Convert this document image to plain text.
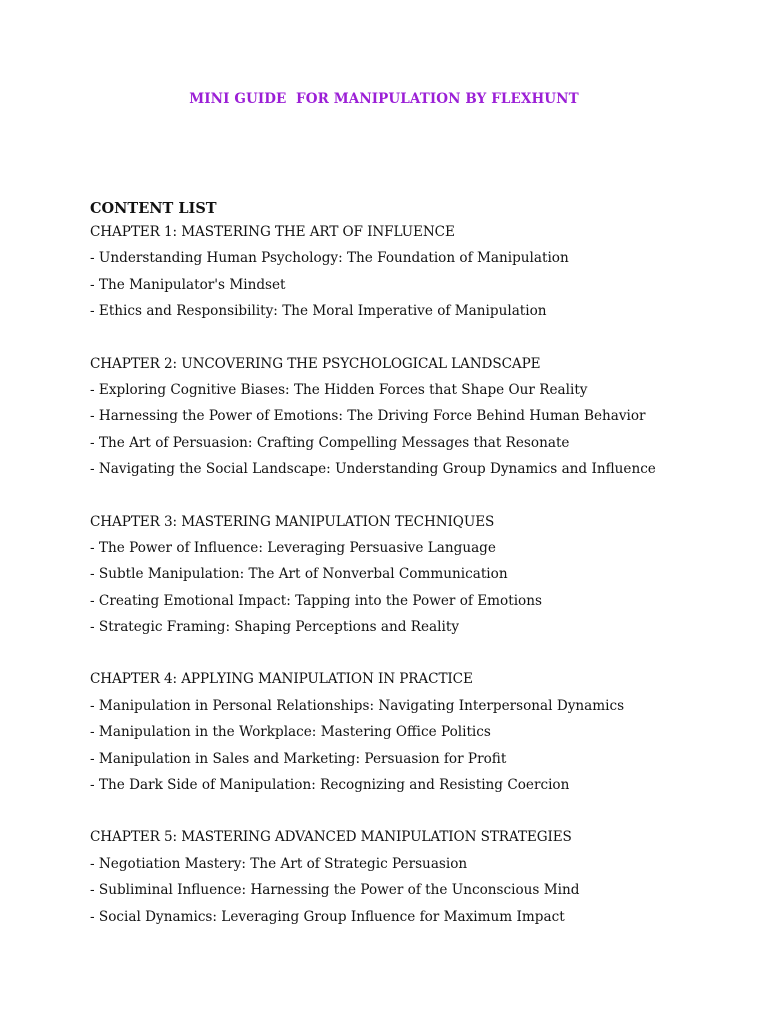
MINI GUIDE  FOR MANIPULATION BY FLEXHUNT
CONTENT LIST
CHAPTER 1: MASTERING THE ART OF INFLUENCE
- Understanding Human Psychology: The Foundation of Manipulation
- The Manipulator's Mindset
- Ethics and Responsibility: The Moral Imperative of Manipulation
CHAPTER 2: UNCOVERING THE PSYCHOLOGICAL LANDSCAPE
- Exploring Cognitive Biases: The Hidden Forces that Shape Our Reality
- Harnessing the Power of Emotions: The Driving Force Behind Human Behavior
- The Art of Persuasion: Crafting Compelling Messages that Resonate
- Navigating the Social Landscape: Understanding Group Dynamics and Influence
CHAPTER 3: MASTERING MANIPULATION TECHNIQUES
- The Power of Influence: Leveraging Persuasive Language
- Subtle Manipulation: The Art of Nonverbal Communication
- Creating Emotional Impact: Tapping into the Power of Emotions
- Strategic Framing: Shaping Perceptions and Reality
CHAPTER 4: APPLYING MANIPULATION IN PRACTICE
- Manipulation in Personal Relationships: Navigating Interpersonal Dynamics
- Manipulation in the Workplace: Mastering Office Politics
- Manipulation in Sales and Marketing: Persuasion for Profit
- The Dark Side of Manipulation: Recognizing and Resisting Coercion
CHAPTER 5: MASTERING ADVANCED MANIPULATION STRATEGIES
- Negotiation Mastery: The Art of Strategic Persuasion
- Subliminal Influence: Harnessing the Power of the Unconscious Mind
- Social Dynamics: Leveraging Group Influence for Maximum Impact
